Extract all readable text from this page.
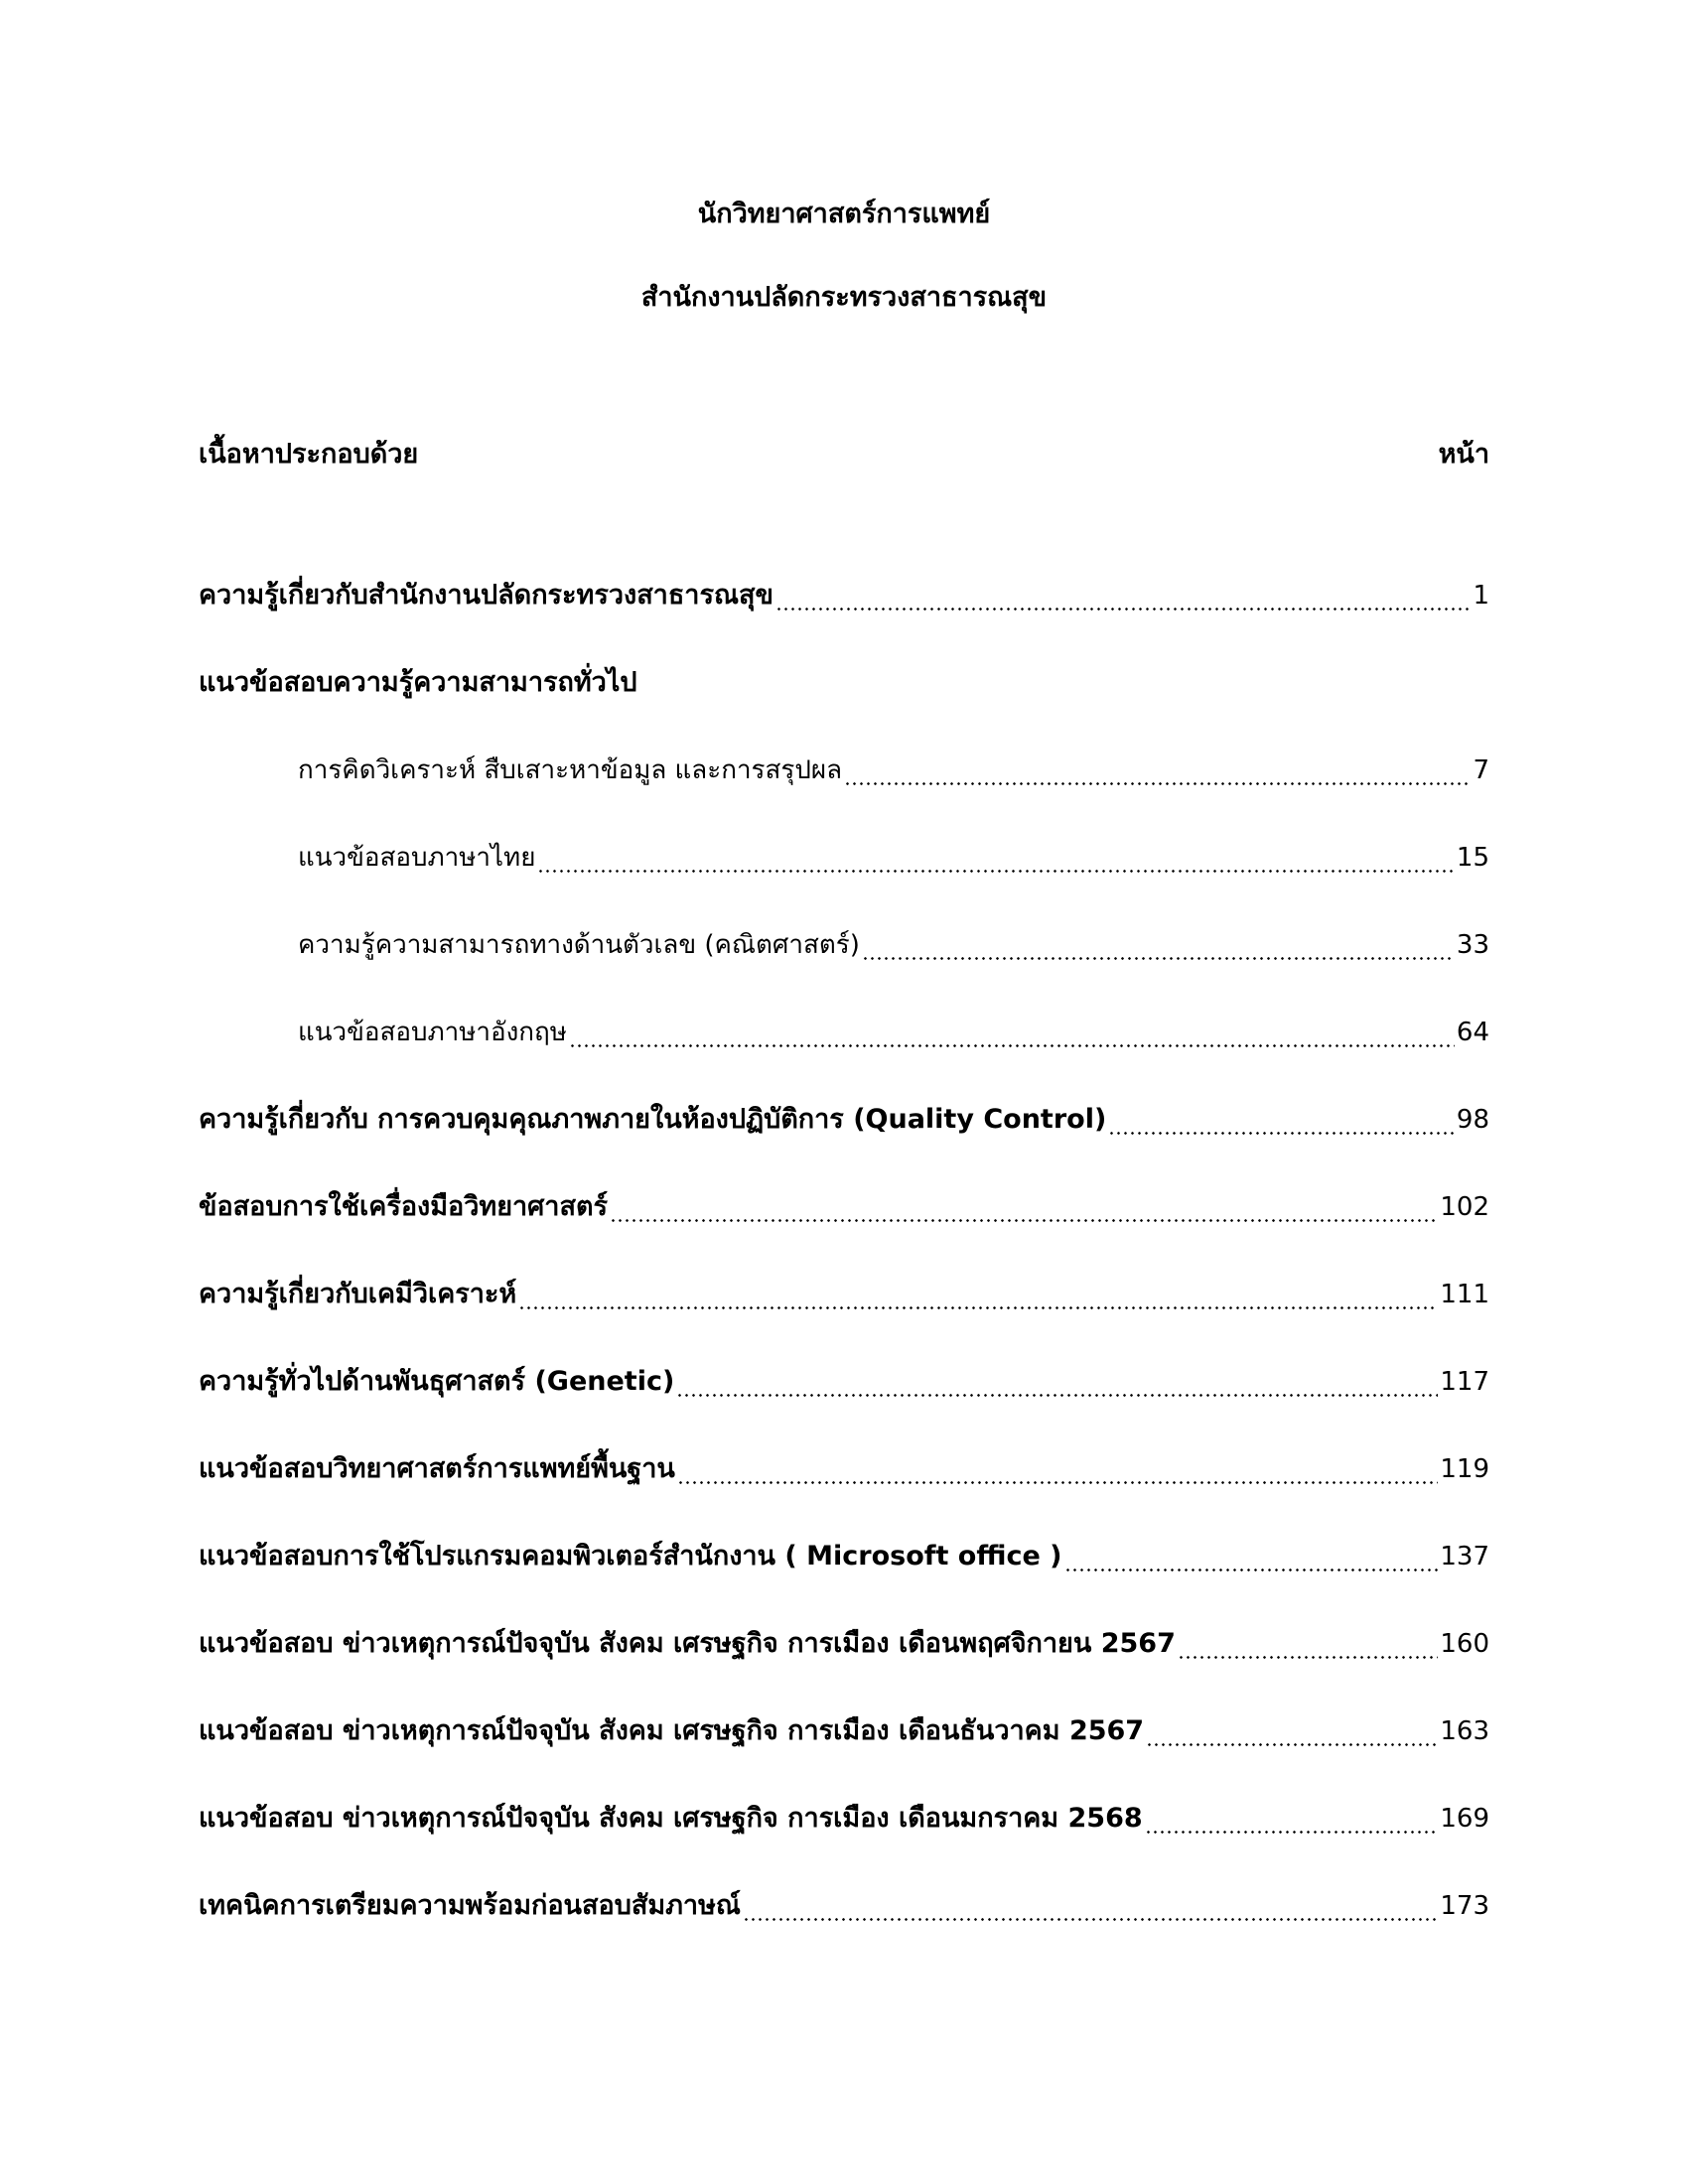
นักวิทยาศาสตร์การแพทย์

สำนักงานปลัดกระทรวงสาธารณสุข

เนื้อหาประกอบด้วย	หน้า
ความรู้เกี่ยวกับสำนักงานปลัดกระทรวงสาธารณสุข	1
แนวข้อสอบความรู้ความสามารถทั่วไป
การคิดวิเคราะห์ สืบเสาะหาข้อมูล และการสรุปผล	7
แนวข้อสอบภาษาไทย	15
ความรู้ความสามารถทางด้านตัวเลข (คณิตศาสตร์)	33
แนวข้อสอบภาษาอังกฤษ	64
ความรู้เกี่ยวกับ การควบคุมคุณภาพภายในห้องปฏิบัติการ (Quality Control)	98
ข้อสอบการใช้เครื่องมือวิทยาศาสตร์	102
ความรู้เกี่ยวกับเคมีวิเคราะห์	111
ความรู้ทั่วไปด้านพันธุศาสตร์ (Genetic)	117
แนวข้อสอบวิทยาศาสตร์การแพทย์พื้นฐาน	119
แนวข้อสอบการใช้โปรแกรมคอมพิวเตอร์สำนักงาน ( Microsoft office )	137
แนวข้อสอบ ข่าวเหตุการณ์ปัจจุบัน สังคม เศรษฐกิจ การเมือง เดือนพฤศจิกายน 2567	160
แนวข้อสอบ ข่าวเหตุการณ์ปัจจุบัน สังคม เศรษฐกิจ การเมือง เดือนธันวาคม 2567	163
แนวข้อสอบ ข่าวเหตุการณ์ปัจจุบัน สังคม เศรษฐกิจ การเมือง เดือนมกราคม 2568	169
เทคนิคการเตรียมความพร้อมก่อนสอบสัมภาษณ์	173
